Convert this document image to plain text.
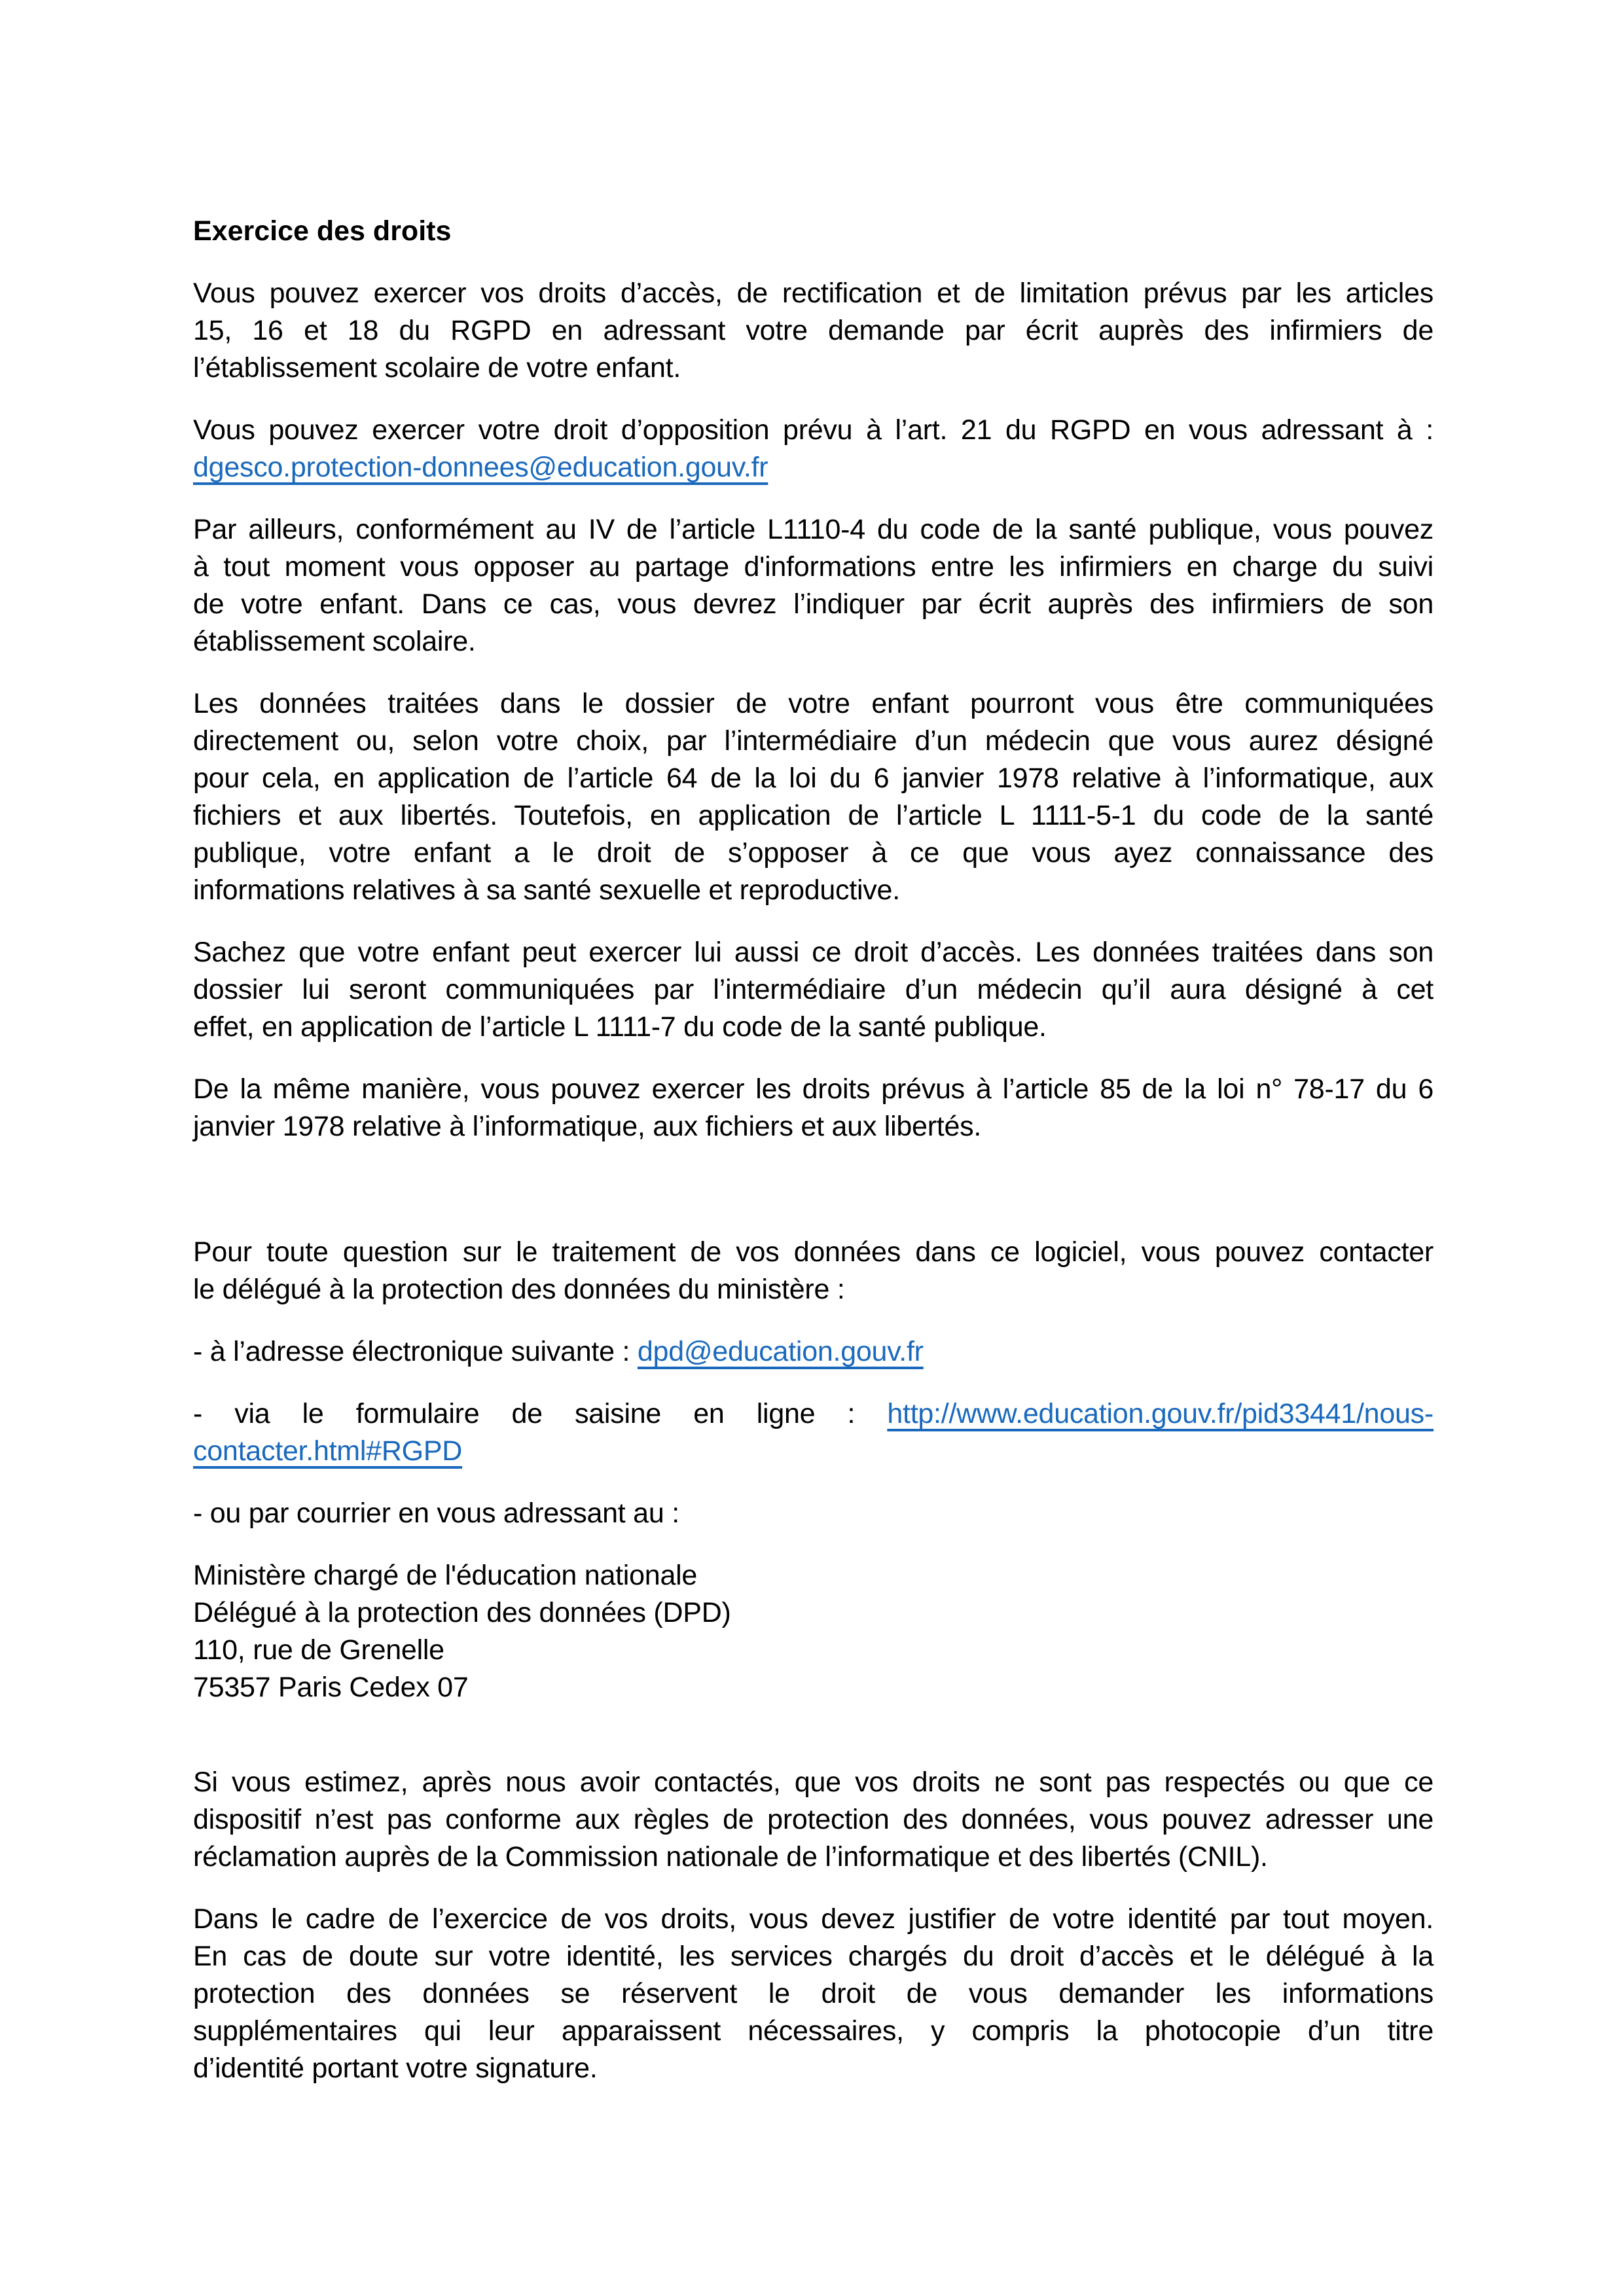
Exercice des droits
Vous pouvez exercer vos droits d’accès, de rectification et de limitation prévus par les articles
15, 16 et 18 du RGPD en adressant votre demande par écrit auprès des infirmiers de
l’établissement scolaire de votre enfant.
Vous pouvez exercer votre droit d’opposition prévu à l’art. 21 du RGPD en vous adressant à :
dgesco.protection-donnees@education.gouv.fr
Par ailleurs, conformément au IV de l’article L1110-4 du code de la santé publique, vous pouvez
à tout moment vous opposer au partage d'informations entre les infirmiers en charge du suivi
de votre enfant. Dans ce cas, vous devrez l’indiquer par écrit auprès des infirmiers de son
établissement scolaire.
Les données traitées dans le dossier de votre enfant pourront vous être communiquées
directement ou, selon votre choix, par l’intermédiaire d’un médecin que vous aurez désigné
pour cela, en application de l’article 64 de la loi du 6 janvier 1978 relative à l’informatique, aux
fichiers et aux libertés. Toutefois, en application de l’article L 1111-5-1 du code de la santé
publique, votre enfant a le droit de s’opposer à ce que vous ayez connaissance des
informations relatives à sa santé sexuelle et reproductive.
Sachez que votre enfant peut exercer lui aussi ce droit d’accès. Les données traitées dans son
dossier lui seront communiquées par l’intermédiaire d’un médecin qu’il aura désigné à cet
effet, en application de l’article L 1111-7 du code de la santé publique.
De la même manière, vous pouvez exercer les droits prévus à l’article 85 de la loi n° 78-17 du 6
janvier 1978 relative à l’informatique, aux fichiers et aux libertés.
Pour toute question sur le traitement de vos données dans ce logiciel, vous pouvez contacter
le délégué à la protection des données du ministère :
- à l’adresse électronique suivante : dpd@education.gouv.fr
- via le formulaire de saisine en ligne : http://www.education.gouv.fr/pid33441/nous-
contacter.html#RGPD
- ou par courrier en vous adressant au :
Ministère chargé de l'éducation nationale
Délégué à la protection des données (DPD)
110, rue de Grenelle
75357 Paris Cedex 07
Si vous estimez, après nous avoir contactés, que vos droits ne sont pas respectés ou que ce
dispositif n’est pas conforme aux règles de protection des données, vous pouvez adresser une
réclamation auprès de la Commission nationale de l’informatique et des libertés (CNIL).
Dans le cadre de l’exercice de vos droits, vous devez justifier de votre identité par tout moyen.
En cas de doute sur votre identité, les services chargés du droit d’accès et le délégué à la
protection des données se réservent le droit de vous demander les informations
supplémentaires qui leur apparaissent nécessaires, y compris la photocopie d’un titre
d’identité portant votre signature.
